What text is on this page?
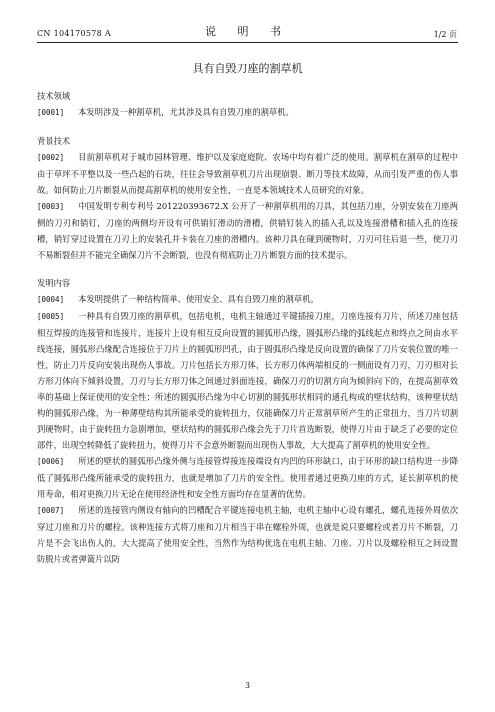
CN 104170578 A	说 明 书	1/2 页
具有自毁刀座的割草机

技术领域

[0001] 本发明涉及一种割草机，尤其涉及具有自毁刀座的割草机。

背景技术

[0002] 目前割草机对于城市园林管理、维护以及家庭庭院、农场中均有着广泛的使用。割草机在割草的过程中由于草坪不平整以及一些凸起的石块，往往会导致割草机刀片出现崩裂、断刀等技术故障，从而引发严重的伤人事故。如何防止刀片断裂从而提高割草机的使用安全性，一直是本领域技术人员研究的对象。

[0003] 中国发明专利专利号 201220393672.X 公开了一种割草机用的刀具，其包括刀座，分别安装在刀座两侧的刀刃和销钉，刀座的两侧均开设有可供销钉滑动的滑槽，供销钉装入的插入孔以及连接滑槽和插入孔的连接槽，销钉穿过设置在刀刃上的安装孔并卡装在刀座的滑槽内。该种刀具在碰到硬物时，刀刃可往后退一些，使刀刃不易断裂但并不能完全确保刀片不会断裂，也没有彻底防止刀片断裂方面的技术提示。

发明内容

[0004] 本发明提供了一种结构简单、使用安全、具有自毁刀座的割草机。

[0005] 一种具有自毁刀座的割草机，包括电机，电机主轴通过平键插接刀座，刀座连接有刀片，所述刀座包括相互焊接的连接管和连接片，连接片上设有相互反向设置的圆弧形凸缘，圆弧形凸缘的弧线起点和终点之间由水平线连接，圆弧形凸缘配合连接位于刀片上的圆弧形凹孔，由于圆弧形凸缘是反向设置的确保了刀片安装位置的唯一性，防止刀片反向安装出现伤人事故。刀片包括长方形刀体，长方形刀体两端相反的一侧面设有刀刃，刀刃相对长方形刀体向下倾斜设置，刀刃与长方形刀体之间通过斜面连接，确保刀刃的切割方向为倾斜向下的，在提高割草效率的基础上保证使用的安全性；所述的圆弧形凸缘为中心切割的圆弧形状相同的通孔构成的壁状结构，该种壁状结构的圆弧形凸缘，为一种薄壁结构其所能承受的旋转扭力，仅能确保刀片正常割草所产生的正常扭力，当刀片切割到硬物时，由于旋转扭力急剧增加，壁状结构的圆弧形凸缘会先于刀片首选断裂，使得刀片由于缺乏了必要的定位部件，出现空转降低了旋转扭力，使得刀片不会意外断裂而出现伤人事故，大大提高了割草机的使用安全性。

[0006] 所述的壁状的圆弧形凸缘外侧与连接管焊接连接端设有内凹的环形缺口，由于环形的缺口结构进一步降低了圆弧形凸缘所能承受的旋转扭力，也就是增加了刀片的安全性。使用者通过更换刀座的方式，延长割草机的使用寿命，相对更换刀片无论在使用经济性和安全性方面均存在显著的优势。

[0007] 所述的连接管内侧设有轴向的凹槽配合平键连接电机主轴，电机主轴中心设有螺孔，螺孔连接外周依次穿过刀座和刀片的螺栓。该种连接方式将刀座和刀片相当于串在螺栓外周，也就是说只要螺栓或者刀片不断裂，刀片是不会飞出伤人的，大大提高了使用安全性，当然作为结构优选在电机主轴、刀座、刀片以及螺栓相互之间设置防脱片或者弹簧片以防

3
